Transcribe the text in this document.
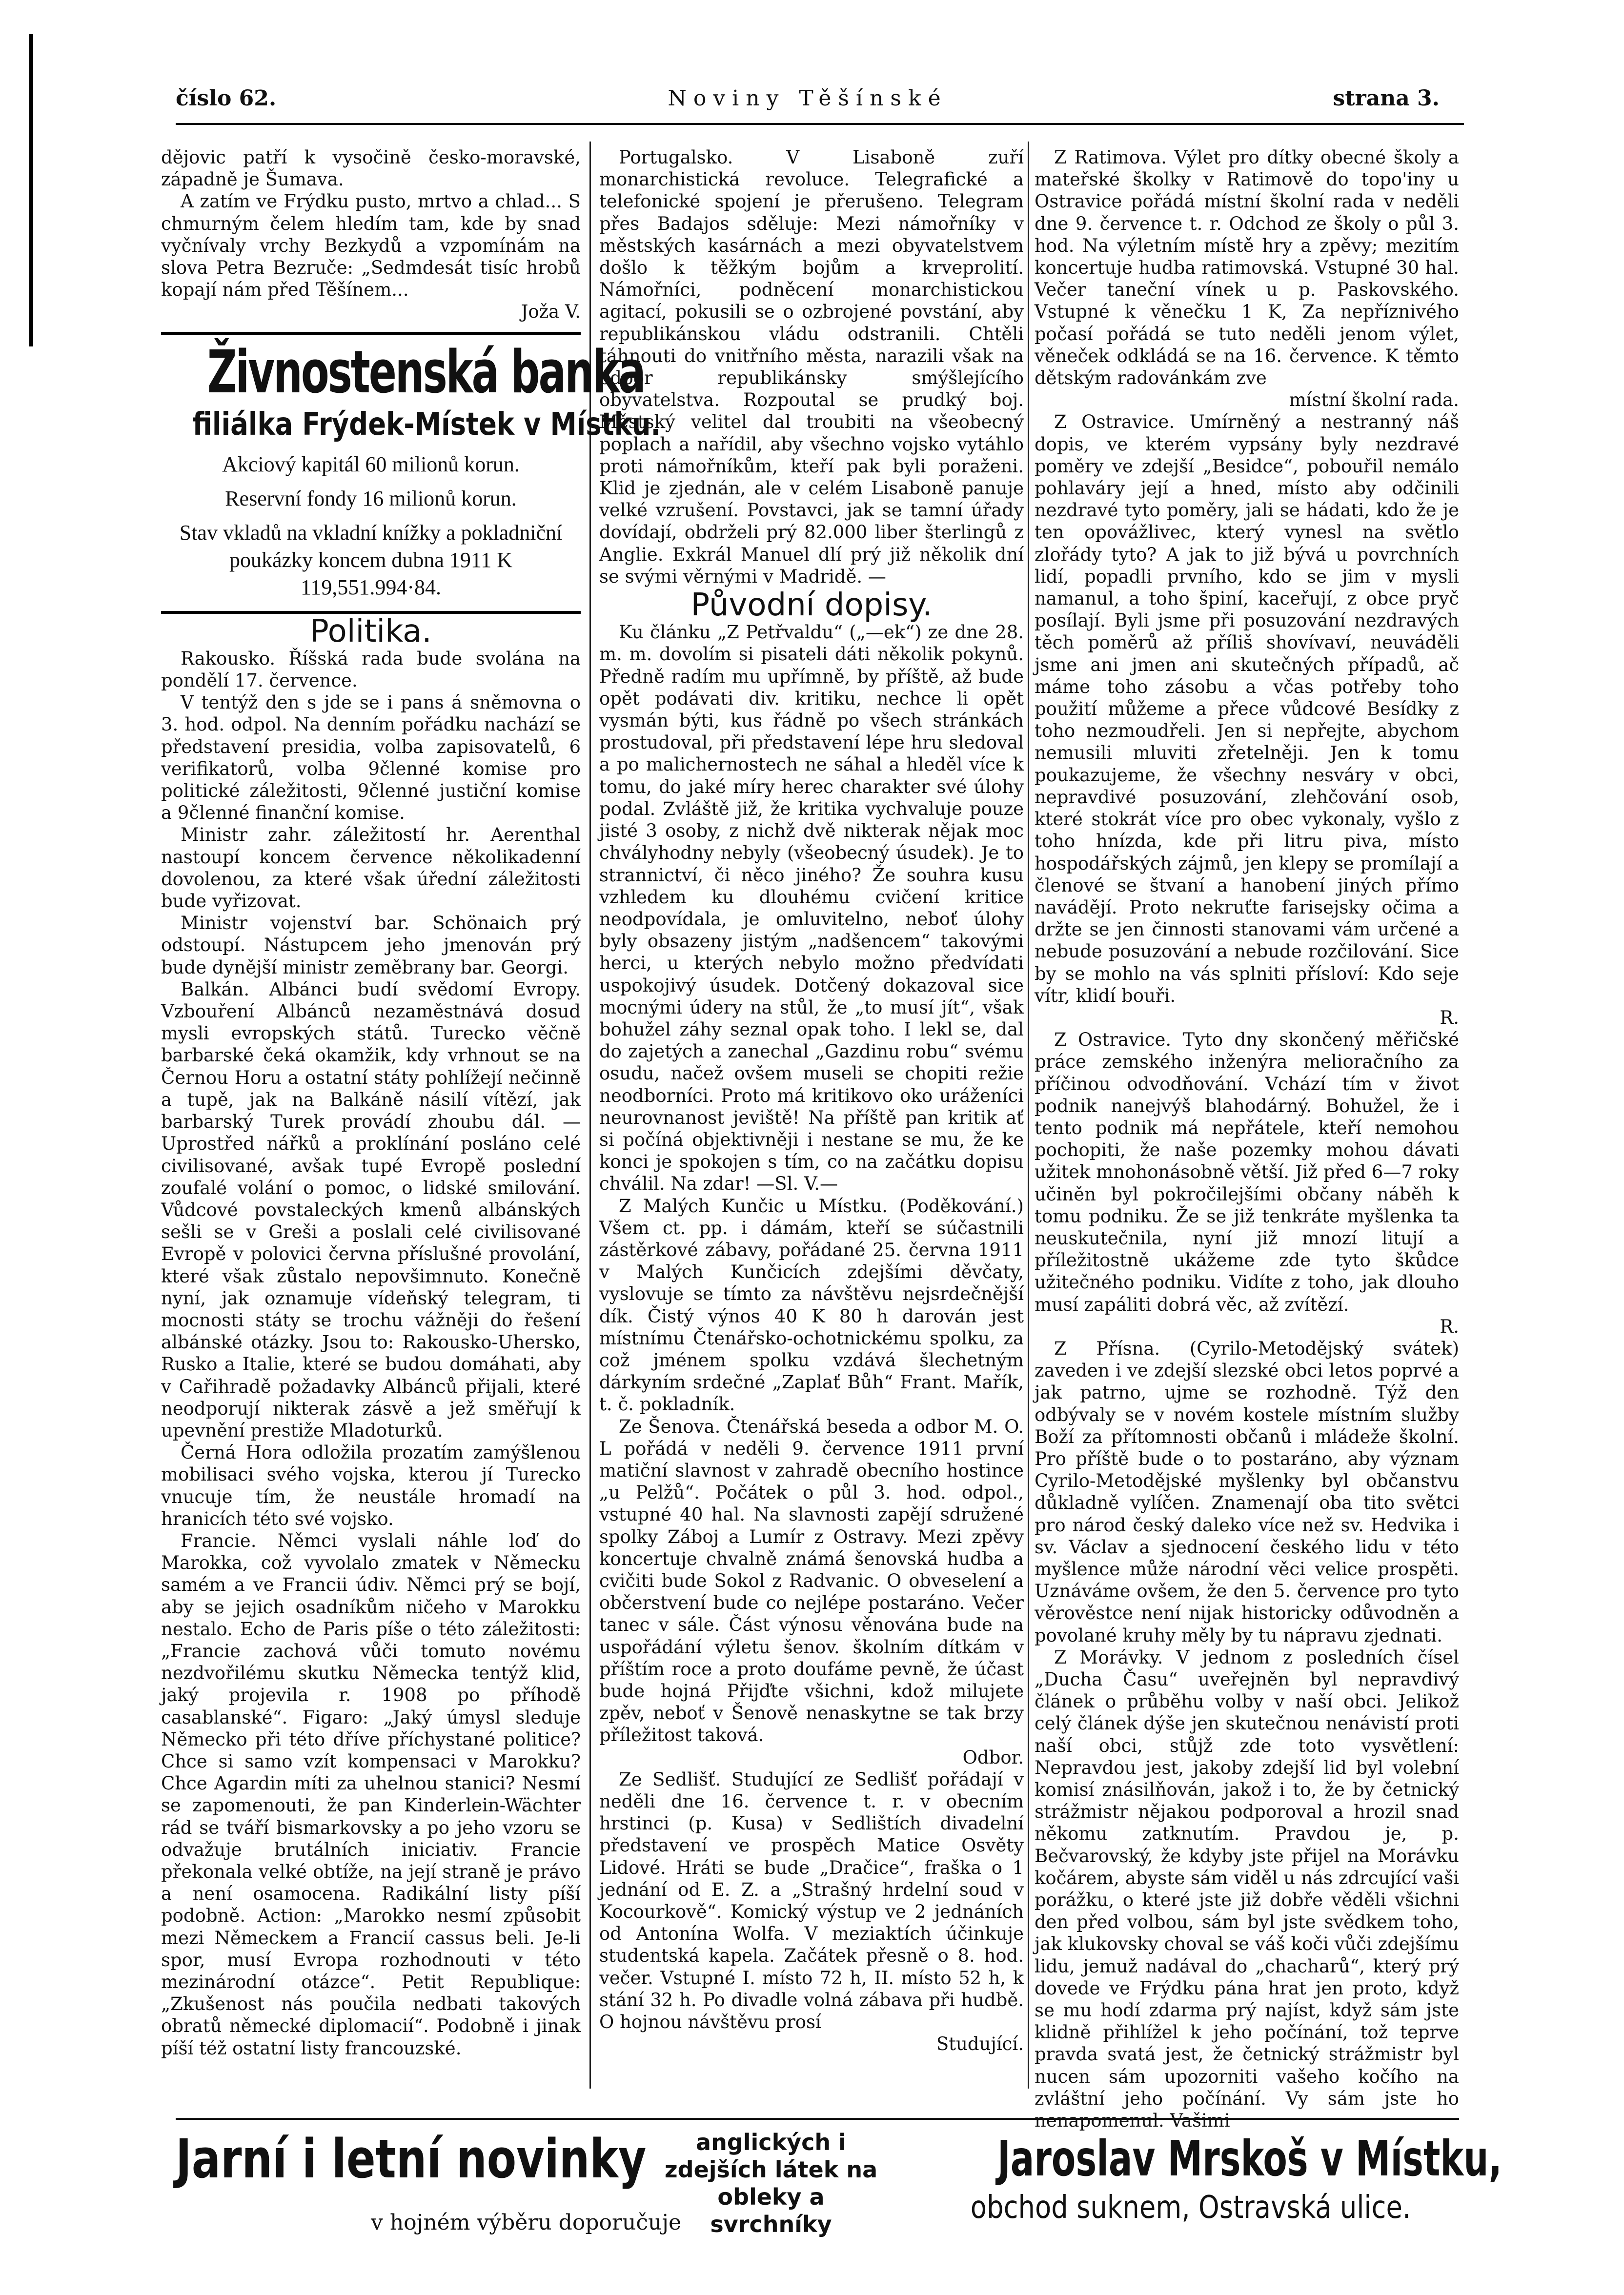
Noviny Těšínské
číslo 62.	strana 3.

dějovic patří k vysočině česko-moravské, západně je Šumava.

A zatím ve Frýdku pusto, mrtvo a chlad... S chmurným čelem hledím tam, kde by snad vyčnívaly vrchy Bezkydů a vzpomínám na slova Petra Bezruče: „Sedmdesát tisíc hrobů kopají nám před Těšínem...

Joža V.

Živnostenská banka
filiálka Frýdek-Místek v Místku.
Akciový kapitál 60 milionů korun.
Reservní fondy 16 milionů korun.
Stav vkladů na vkladní knížky a pokladniční poukázky koncem dubna 1911 K 119,551.994·84.
Politika.

Rakousko. Říšská rada bude svolána na pondělí 17. července.

V tentýž den s jde se i pans á sněmovna o 3. hod. odpol. Na denním pořádku nachází se představení presidia, volba zapisovatelů, 6 verifikatorů, volba 9členné komise pro politické záležitosti, 9členné justiční komise a 9členné finanční komise.

Ministr zahr. záležitostí hr. Aerenthal nastoupí koncem července několikadenní dovolenou, za které však úřední záležitosti bude vyřizovat.

Ministr vojenství bar. Schönaich prý odstoupí. Nástupcem jeho jmenován prý bude dynější ministr zeměbrany bar. Georgi.

Balkán. Albánci budí svědomí Evropy. Vzbouření Albánců nezaměstnává dosud mysli evropských států. Turecko věčně barbarské čeká okamžik, kdy vrhnout se na Černou Horu a ostatní státy pohlížejí nečinně a tupě, jak na Balkáně násilí vítězí, jak barbarský Turek provádí zhoubu dál. — Uprostřed nářků a proklínání posláno celé civilisované, avšak tupé Evropě poslední zoufalé volání o pomoc, o lidské smilování. Vůdcové povstaleckých kmenů albánských sešli se v Greši a poslali celé civilisované Evropě v polovici června příslušné provolání, které však zůstalo nepovšimnuto. Konečně nyní, jak oznamuje vídeňský telegram, ti mocnosti státy se trochu vážněji do řešení albánské otázky. Jsou to: Rakousko-Uhersko, Rusko a Italie, které se budou domáhati, aby v Cařihradě požadavky Albánců přijali, které neodporují nikterak zásvě a jež směřují k upevnění prestiže Mladoturků.

Černá Hora odložila prozatím zamýšlenou mobilisaci svého vojska, kterou jí Turecko vnucuje tím, že neustále hromadí na hranicích této své vojsko.

Francie. Němci vyslali náhle loď do Marokka, což vyvolalo zmatek v Německu samém a ve Francii údiv. Němci prý se bojí, aby se jejich osadníkům ničeho v Marokku nestalo. Echo de Paris píše o této záležitosti: „Francie zachová vůči tomuto novému nezdvořilému skutku Německa tentýž klid, jaký projevila r. 1908 po příhodě casablanské“. Figaro: „Jaký úmysl sleduje Německo při této dříve příchystané politice? Chce si samo vzít kompensaci v Marokku? Chce Agardin míti za uhelnou stanici? Nesmí se zapomenouti, že pan Kinderlein-Wächter rád se tváří bismarkovsky a po jeho vzoru se odvažuje brutálních iniciativ. Francie překonala velké obtíže, na její straně je právo a není osamocena. Radikální listy píší podobně. Action: „Marokko nesmí způsobit mezi Německem a Francií cassus beli. Je-li spor, musí Evropa rozhodnouti v této mezinárodní otázce“. Petit Republique: „Zkušenost nás poučila nedbati takových obratů německé diplomacií“. Podobně i jinak píší též ostatní listy francouzské.

Portugalsko. V Lisaboně zuří monarchistická revoluce. Telegrafické a telefonické spojení je přerušeno. Telegram přes Badajos sděluje: Mezi námořníky v městských kasárnách a mezi obyvatelstvem došlo k těžkým bojům a krveprolití. Námořníci, podněcení monarchistickou agitací, pokusili se o ozbrojené povstání, aby republikánskou vládu odstranili. Chtěli táhnouti do vnitřního města, narazili však na odpor republikánsky smýšlejícího obyvatelstva. Rozpoutal se prudký boj. Městský velitel dal troubiti na všeobecný poplach a nařídil, aby všechno vojsko vytáhlo proti námořníkům, kteří pak byli poraženi. Klid je zjednán, ale v celém Lisaboně panuje velké vzrušení. Povstavci, jak se tamní úřady dovídají, obdrželi prý 82.000 liber šterlingů z Anglie. Exkrál Manuel dlí prý již několik dní se svými věrnými v Madridě. —

Původní dopisy.

Ku článku „Z Petřvaldu“ („—ek“) ze dne 28. m. m. dovolím si pisateli dáti několik pokynů. Předně radím mu upřímně, by příště, až bude opět podávati div. kritiku, nechce li opět vysmán býti, kus řádně po všech stránkách prostudoval, při představení lépe hru sledoval a po malichernostech ne sáhal a hleděl více k tomu, do jaké míry herec charakter své úlohy podal. Zvláště již, že kritika vychvaluje pouze jisté 3 osoby, z nichž dvě nikterak nějak moc chvályhodny nebyly (všeobecný úsudek). Je to strannictví, či něco jiného? Že souhra kusu vzhledem ku dlouhému cvičení kritice neodpovídala, je omluvitelno, neboť úlohy byly obsazeny jistým „nadšencem“ takovými herci, u kterých nebylo možno předvídati uspokojivý úsudek. Dotčený dokazoval sice mocnými údery na stůl, že „to musí jít“, však bohužel záhy seznal opak toho. I lekl se, dal do zajetých a zanechal „Gazdinu robu“ svému osudu, načež ovšem museli se chopiti režie neodborníci. Proto má kritikovo oko uráženíci neurovnanost jeviště! Na příště pan kritik ať si počíná objektivněji i nestane se mu, že ke konci je spokojen s tím, co na začátku dopisu chválil. Na zdar! —Sl. V.—

Z Malých Kunčic u Místku. (Poděkování.) Všem ct. pp. i dámám, kteří se súčastnili zástěrkové zábavy, pořádané 25. června 1911 v Malých Kunčicích zdejšími děvčaty, vyslovuje se tímto za návštěvu nejsrdečnější dík. Čistý výnos 40 K 80 h darován jest místnímu Čtenářsko-ochotnickému spolku, za což jménem spolku vzdává šlechetným dárkyním srdečné „Zaplať Bůh“ Frant. Mařík, t. č. pokladník.

Ze Šenova. Čtenářská beseda a odbor M. O. L pořádá v neděli 9. července 1911 první matiční slavnost v zahradě obecního hostince „u Pelžů“. Počátek o půl 3. hod. odpol., vstupné 40 hal. Na slavnosti zapějí sdružené spolky Záboj a Lumír z Ostravy. Mezi zpěvy koncertuje chvalně známá šenovská hudba a cvičiti bude Sokol z Radvanic. O obveselení a občerstvení bude co nejlépe postaráno. Večer tanec v sále. Část výnosu věnována bude na uspořádání výletu šenov. školním dítkám v příštím roce a proto doufáme pevně, že účast bude hojná Přijďte všichni, kdož milujete zpěv, neboť v Šenově nenaskytne se tak brzy příležitost taková.

Odbor.

Ze Sedlišť. Studující ze Sedlišť pořádají v neděli dne 16. července t. r. v obecním hrstinci (p. Kusa) v Sedlištích divadelní představení ve prospěch Matice Osvěty Lidové. Hráti se bude „Dračice“, fraška o 1 jednání od E. Z. a „Strašný hrdelní soud v Kocourkově“. Komický výstup ve 2 jednáních od Antonína Wolfa. V meziaktích účinkuje studentská kapela. Začátek přesně o 8. hod. večer. Vstupné I. místo 72 h, II. místo 52 h, k stání 32 h. Po divadle volná zábava při hudbě. O hojnou návštěvu prosí

Studující.

Z Ratimova. Výlet pro dítky obecné školy a mateřské školky v Ratimově do topo'iny u Ostravice pořádá místní školní rada v neděli dne 9. července t. r. Odchod ze školy o půl 3. hod. Na výletním místě hry a zpěvy; mezitím koncertuje hudba ratimovská. Vstupné 30 hal. Večer taneční vínek u p. Paskovského. Vstupné k věnečku 1 K, Za nepříznivého počasí pořádá se tuto neděli jenom výlet, věneček odkládá se na 16. července. K těmto dětským radovánkám zve

místní školní rada.

Z Ostravice. Umírněný a nestranný náš dopis, ve kterém vypsány byly nezdravé poměry ve zdejší „Besidce“, pobouřil nemálo pohlaváry její a hned, místo aby odčinili nezdravé tyto poměry, jali se hádati, kdo že je ten opovážlivec, který vynesl na světlo zlořády tyto? A jak to již bývá u povrchních lidí, popadli prvního, kdo se jim v mysli namanul, a toho špiní, kaceřují, z obce pryč posílají. Byli jsme při posuzování nezdravých těch poměrů až příliš shovívaví, neuváděli jsme ani jmen ani skutečných případů, ač máme toho zásobu a včas potřeby toho použití můžeme a přece vůdcové Besídky z toho nezmoudřeli. Jen si nepřejte, abychom nemusili mluviti zřetelněji. Jen k tomu poukazujeme, že všechny nesváry v obci, nepravdivé posuzování, zlehčování osob, které stokrát více pro obec vykonaly, vyšlo z toho hnízda, kde při litru piva, místo hospodářských zájmů, jen klepy se promílají a členové se štvaní a hanobení jiných přímo navádějí. Proto nekruťte farisejsky očima a držte se jen činnosti stanovami vám určené a nebude posuzování a nebude rozčilování. Sice by se mohlo na vás splniti přísloví: Kdo seje vítr, klidí bouři.

R.

Z Ostravice. Tyto dny skončený měřičské práce zemského inženýra melioračního za příčinou odvodňování. Vchází tím v život podnik nanejvýš blahodárný. Bohužel, že i tento podnik má nepřátele, kteří nemohou pochopiti, že naše pozemky mohou dávati užitek mnohonásobně větší. Již před 6—7 roky učiněn byl pokročilejšími občany náběh k tomu podniku. Že se již tenkráte myšlenka ta neuskutečnila, nyní již mnozí litují a příležitostně ukážeme zde tyto škůdce užitečného podniku. Vidíte z toho, jak dlouho musí zapáliti dobrá věc, až zvítězí.

R.

Z Přísna. (Cyrilo-Metodějský svátek) zaveden i ve zdejší slezské obci letos poprvé a jak patrno, ujme se rozhodně. Týž den odbývaly se v novém kostele místním služby Boží za přítomnosti občanů i mládeže školní. Pro příště bude o to postaráno, aby význam Cyrilo-Metodějské myšlenky byl občanstvu důkladně vylíčen. Znamenají oba tito světci pro národ český daleko více než sv. Hedvika i sv. Václav a sjednocení českého lidu v této myšlence může národní věci velice prospěti. Uznáváme ovšem, že den 5. července pro tyto věrověstce není nijak historicky odůvodněn a povolané kruhy měly by tu nápravu zjednati.

Z Morávky. V jednom z posledních čísel „Ducha Času“ uveřejněn byl nepravdivý článek o průběhu volby v naší obci. Jelikož celý článek dýše jen skutečnou nenávistí proti naší obci, stůjž zde toto vysvětlení: Nepravdou jest, jakoby zdejší lid byl volební komisí znásilňován, jakož i to, že by četnický strážmistr nějakou podporoval a hrozil snad někomu zatknutím. Pravdou je, p. Bečvarovský, že kdyby jste přijel na Morávku kočárem, abyste sám viděl u nás zdrcující vaši porážku, o které jste již dobře věděli všichni den před volbou, sám byl jste svědkem toho, jak klukovsky choval se váš koči vůči zdejšímu lidu, jemuž nadával do „chacharů“, který prý dovede ve Frýdku pána hrat jen proto, když se mu hodí zdarma prý najíst, když sám jste klidně přihlížel k jeho počínání, tož teprve pravda svatá jest, že četnický strážmistr byl nucen sám upozorniti vašeho kočího na zvláštní jeho počínání. Vy sám jste ho nenapomenul. Vašimi

Jarní i letní novinky
v hojném výběru doporučuje
anglických i zdejších látek na obleky a svrchníky
Jaroslav Mrskoš v Místku,
obchod suknem, Ostravská ulice.
